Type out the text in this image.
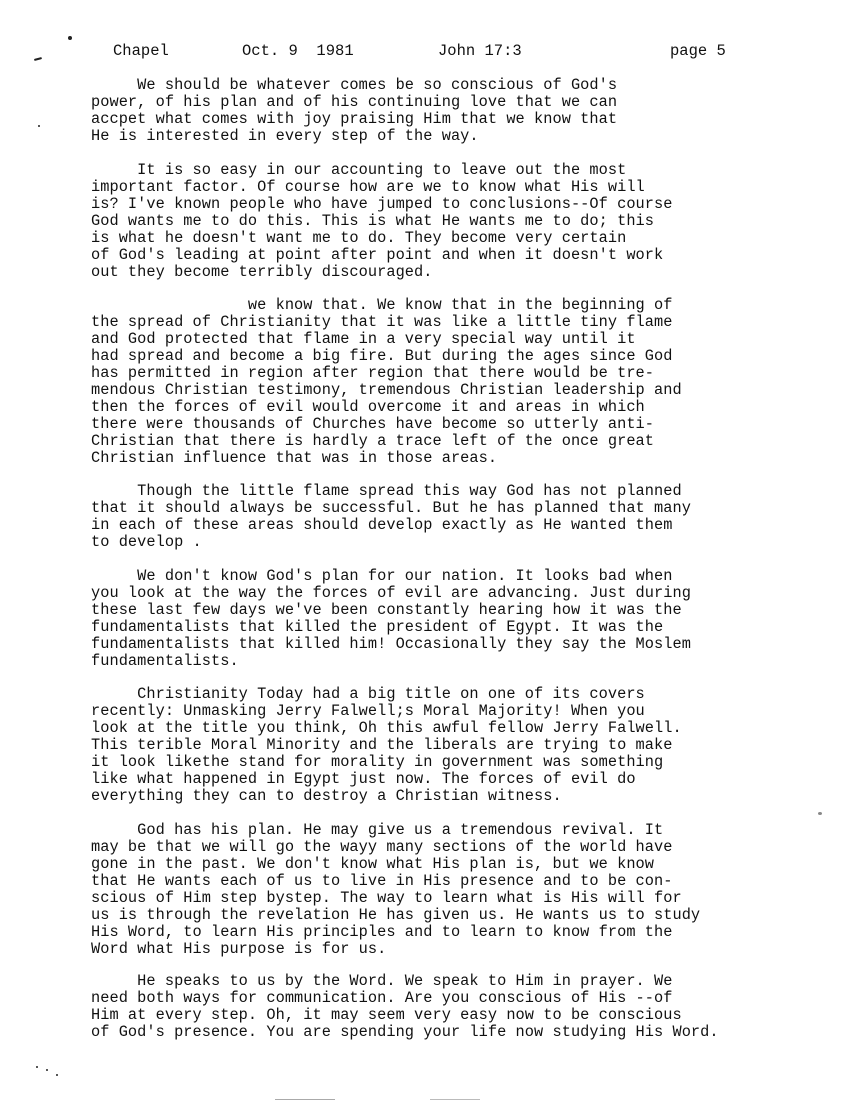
Chapel	Oct. 9  1981	John 17:3	page 5

We should be whatever comes be so conscious of God's
power, of his plan and of his continuing love that we can
accpet what comes with joy praising Him that we know that
He is interested in every step of the way.

It is so easy in our accounting to leave out the most
important factor. Of course how are we to know what His will
is? I've known people who have jumped to conclusions--Of course
God wants me to do this. This is what He wants me to do; this
is what he doesn't want me to do. They become very certain
of God's leading at point after point and when it doesn't work
out they become terribly discouraged.

we know that. We know that in the beginning of
the spread of Christianity that it was like a little tiny flame
and God protected that flame in a very special way until it
had spread and become a big fire. But during the ages since God
has permitted in region after region that there would be tre-
mendous Christian testimony, tremendous Christian leadership and
then the forces of evil would overcome it and areas in which
there were thousands of Churches have become so utterly anti-
Christian that there is hardly a trace left of the once great
Christian influence that was in those areas.

Though the little flame spread this way God has not planned
that it should always be successful. But he has planned that many
in each of these areas should develop exactly as He wanted them
to develop .

We don't know God's plan for our nation. It looks bad when
you look at the way the forces of evil are advancing. Just during
these last few days we've been constantly hearing how it was the
fundamentalists that killed the president of Egypt. It was the
fundamentalists that killed him! Occasionally they say the Moslem
fundamentalists.

Christianity Today had a big title on one of its covers
recently: Unmasking Jerry Falwell;s Moral Majority! When you
look at the title you think, Oh this awful fellow Jerry Falwell.
This terible Moral Minority and the liberals are trying to make
it look likethe stand for morality in government was something
like what happened in Egypt just now. The forces of evil do
everything they can to destroy a Christian witness.

God has his plan. He may give us a tremendous revival. It
may be that we will go the wayy many sections of the world have
gone in the past. We don't know what His plan is, but we know
that He wants each of us to live in His presence and to be con-
scious of Him step bystep. The way to learn what is His will for
us is through the revelation He has given us. He wants us to study
His Word, to learn His principles and to learn to know from the
Word what His purpose is for us.

He speaks to us by the Word. We speak to Him in prayer. We
need both ways for communication. Are you conscious of His --of
Him at every step. Oh, it may seem very easy now to be conscious
of God's presence. You are spending your life now studying His Word.
